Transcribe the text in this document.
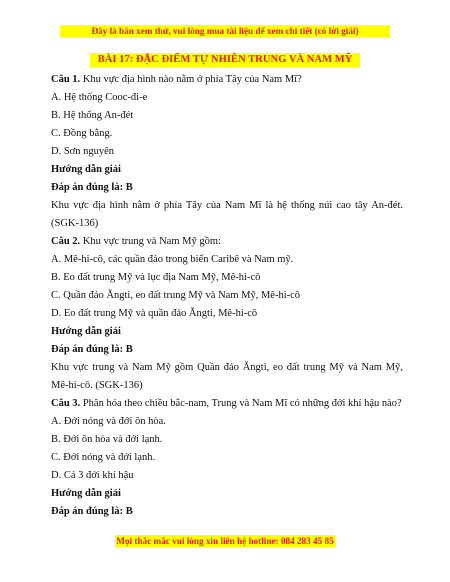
Đây là bản xem thử, vui lòng mua tài liệu để xem chi tiết (có lời giải)
BÀI 17: ĐẶC ĐIỂM TỰ NHIÊN TRUNG VÀ NAM MỸ
Câu 1. Khu vực địa hình nào nằm ở phía Tây của Nam Mĩ?
A. Hệ thống Cooc-đi-e
B. Hệ thống An-đét
C. Đồng bằng.
D. Sơn nguyên
Hướng dẫn giải
Đáp án đúng là: B
Khu vực địa hình nằm ở phía Tây của Nam Mĩ là hệ thống núi cao tây An-đét. (SGK-136)
Câu 2. Khu vực trung và Nam Mỹ gồm:
A. Mê-hi-cô, các quần đảo trong biển Caribê và Nam mỹ.
B. Eo đất trung Mỹ và lục địa Nam Mỹ, Mê-hi-cô
C. Quần đảo Ăngti, eo đất trung Mỹ và Nam Mỹ, Mê-hi-cô
D. Eo đất trung Mỹ và quần đảo Ăngti, Mê-hi-cô
Hướng dẫn giải
Đáp án đúng là: B
Khu vực trung và Nam Mỹ gồm Quần đảo Ăngti, eo đất trung Mỹ và Nam Mỹ, Mê-hi-cô. (SGK-136)
Câu 3. Phân hóa theo chiều bắc-nam, Trung và Nam Mĩ có những đới khí hậu nào?
A. Đới nóng và đới ôn hòa.
B. Đới ôn hòa và đới lạnh.
C. Đới nóng và đới lạnh.
D. Cả 3 đới khí hậu
Hướng dẫn giải
Đáp án đúng là: B
Mọi thắc mắc vui lòng xin liên hệ hotline: 084 283 45 85
